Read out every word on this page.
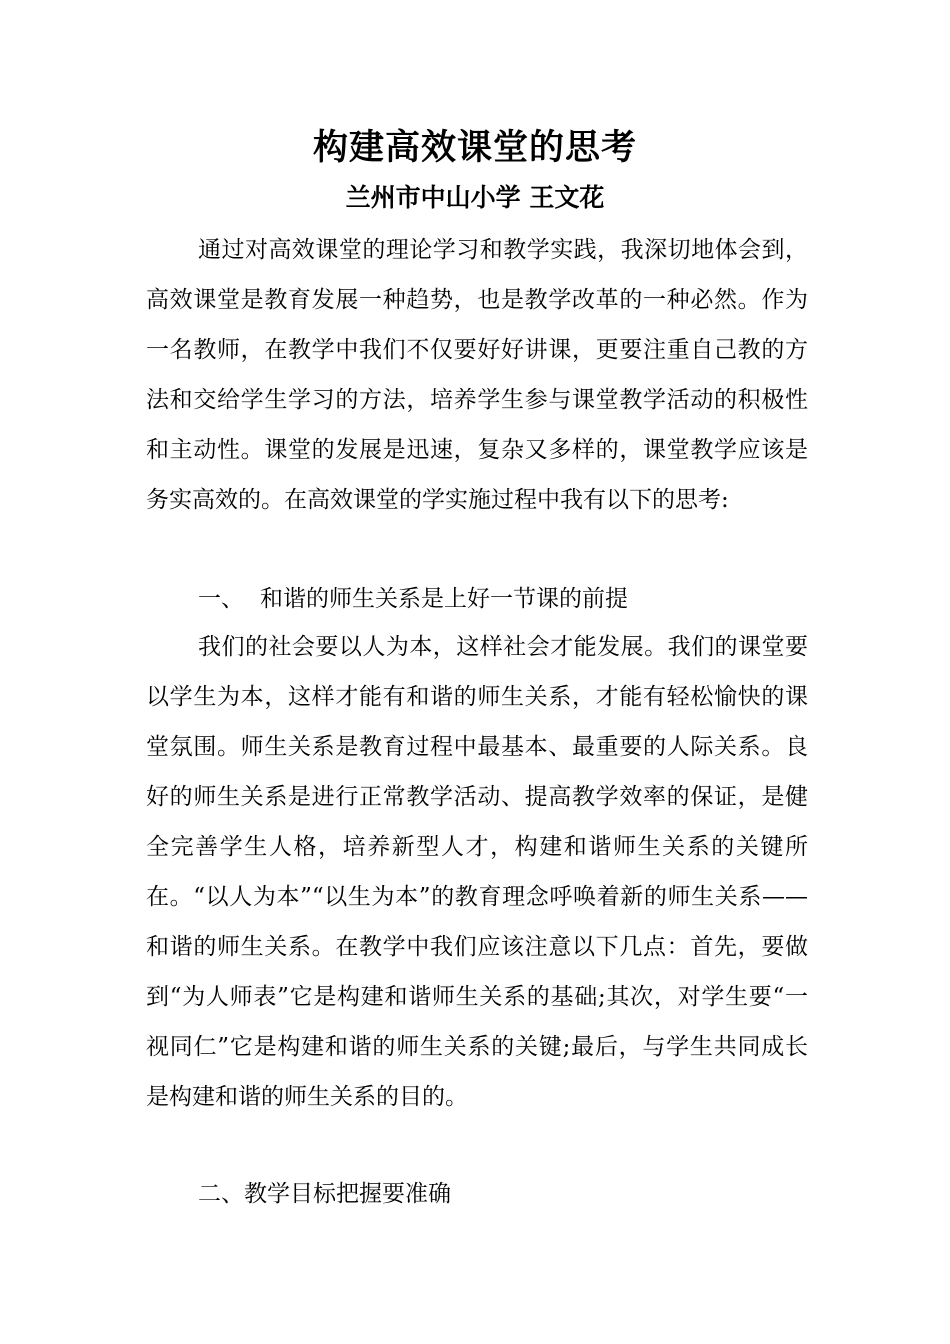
构建高效课堂的思考
兰州市中山小学 王文花

通过对高效课堂的理论学习和教学实践，我深切地体会到，高效课堂是教育发展一种趋势，也是教学改革的一种必然。作为一名教师，在教学中我们不仅要好好讲课，更要注重自己教的方法和交给学生学习的方法，培养学生参与课堂教学活动的积极性和主动性。课堂的发展是迅速，复杂又多样的，课堂教学应该是务实高效的。在高效课堂的学实施过程中我有以下的思考:

一、 和谐的师生关系是上好一节课的前提

我们的社会要以人为本，这样社会才能发展。我们的课堂要以学生为本，这样才能有和谐的师生关系，才能有轻松愉快的课堂氛围。师生关系是教育过程中最基本、最重要的人际关系。良好的师生关系是进行正常教学活动、提高教学效率的保证，是健全完善学生人格，培养新型人才，构建和谐师生关系的关键所在。“以人为本”“以生为本”的教育理念呼唤着新的师生关系——和谐的师生关系。在教学中我们应该注意以下几点：首先，要做到“为人师表”它是构建和谐师生关系的基础;其次，对学生要“一视同仁”它是构建和谐的师生关系的关键;最后，与学生共同成长是构建和谐的师生关系的目的。

二、教学目标把握要准确
